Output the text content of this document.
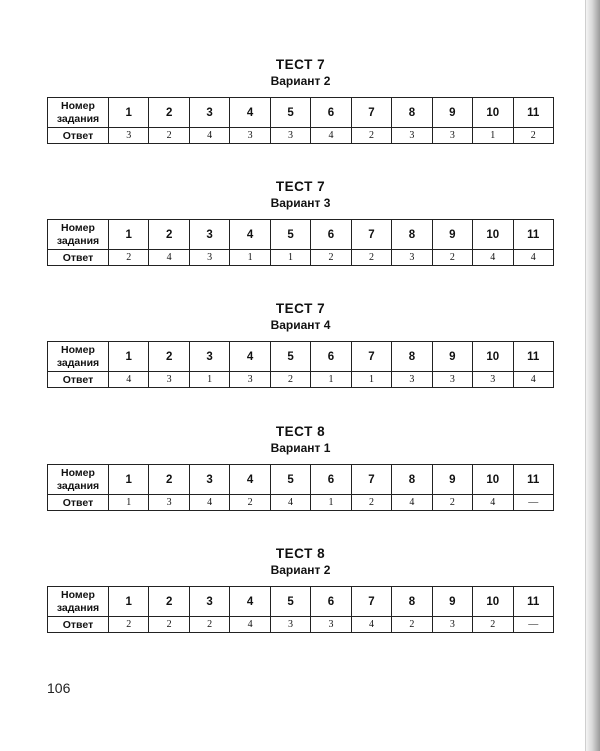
ТЕСТ 7
Вариант 2
Номер
задания	1	2	3	4	5	6	7	8	9	10	11
Ответ	3	2	4	3	3	4	2	3	3	1	2
ТЕСТ 7
Вариант 3
Номер
задания	1	2	3	4	5	6	7	8	9	10	11
Ответ	2	4	3	1	1	2	2	3	2	4	4
ТЕСТ 7
Вариант 4
Номер
задания	1	2	3	4	5	6	7	8	9	10	11
Ответ	4	3	1	3	2	1	1	3	3	3	4
ТЕСТ 8
Вариант 1
Номер
задания	1	2	3	4	5	6	7	8	9	10	11
Ответ	1	3	4	2	4	1	2	4	2	4	—
ТЕСТ 8
Вариант 2
Номер
задания	1	2	3	4	5	6	7	8	9	10	11
Ответ	2	2	2	4	3	3	4	2	3	2	—
106
